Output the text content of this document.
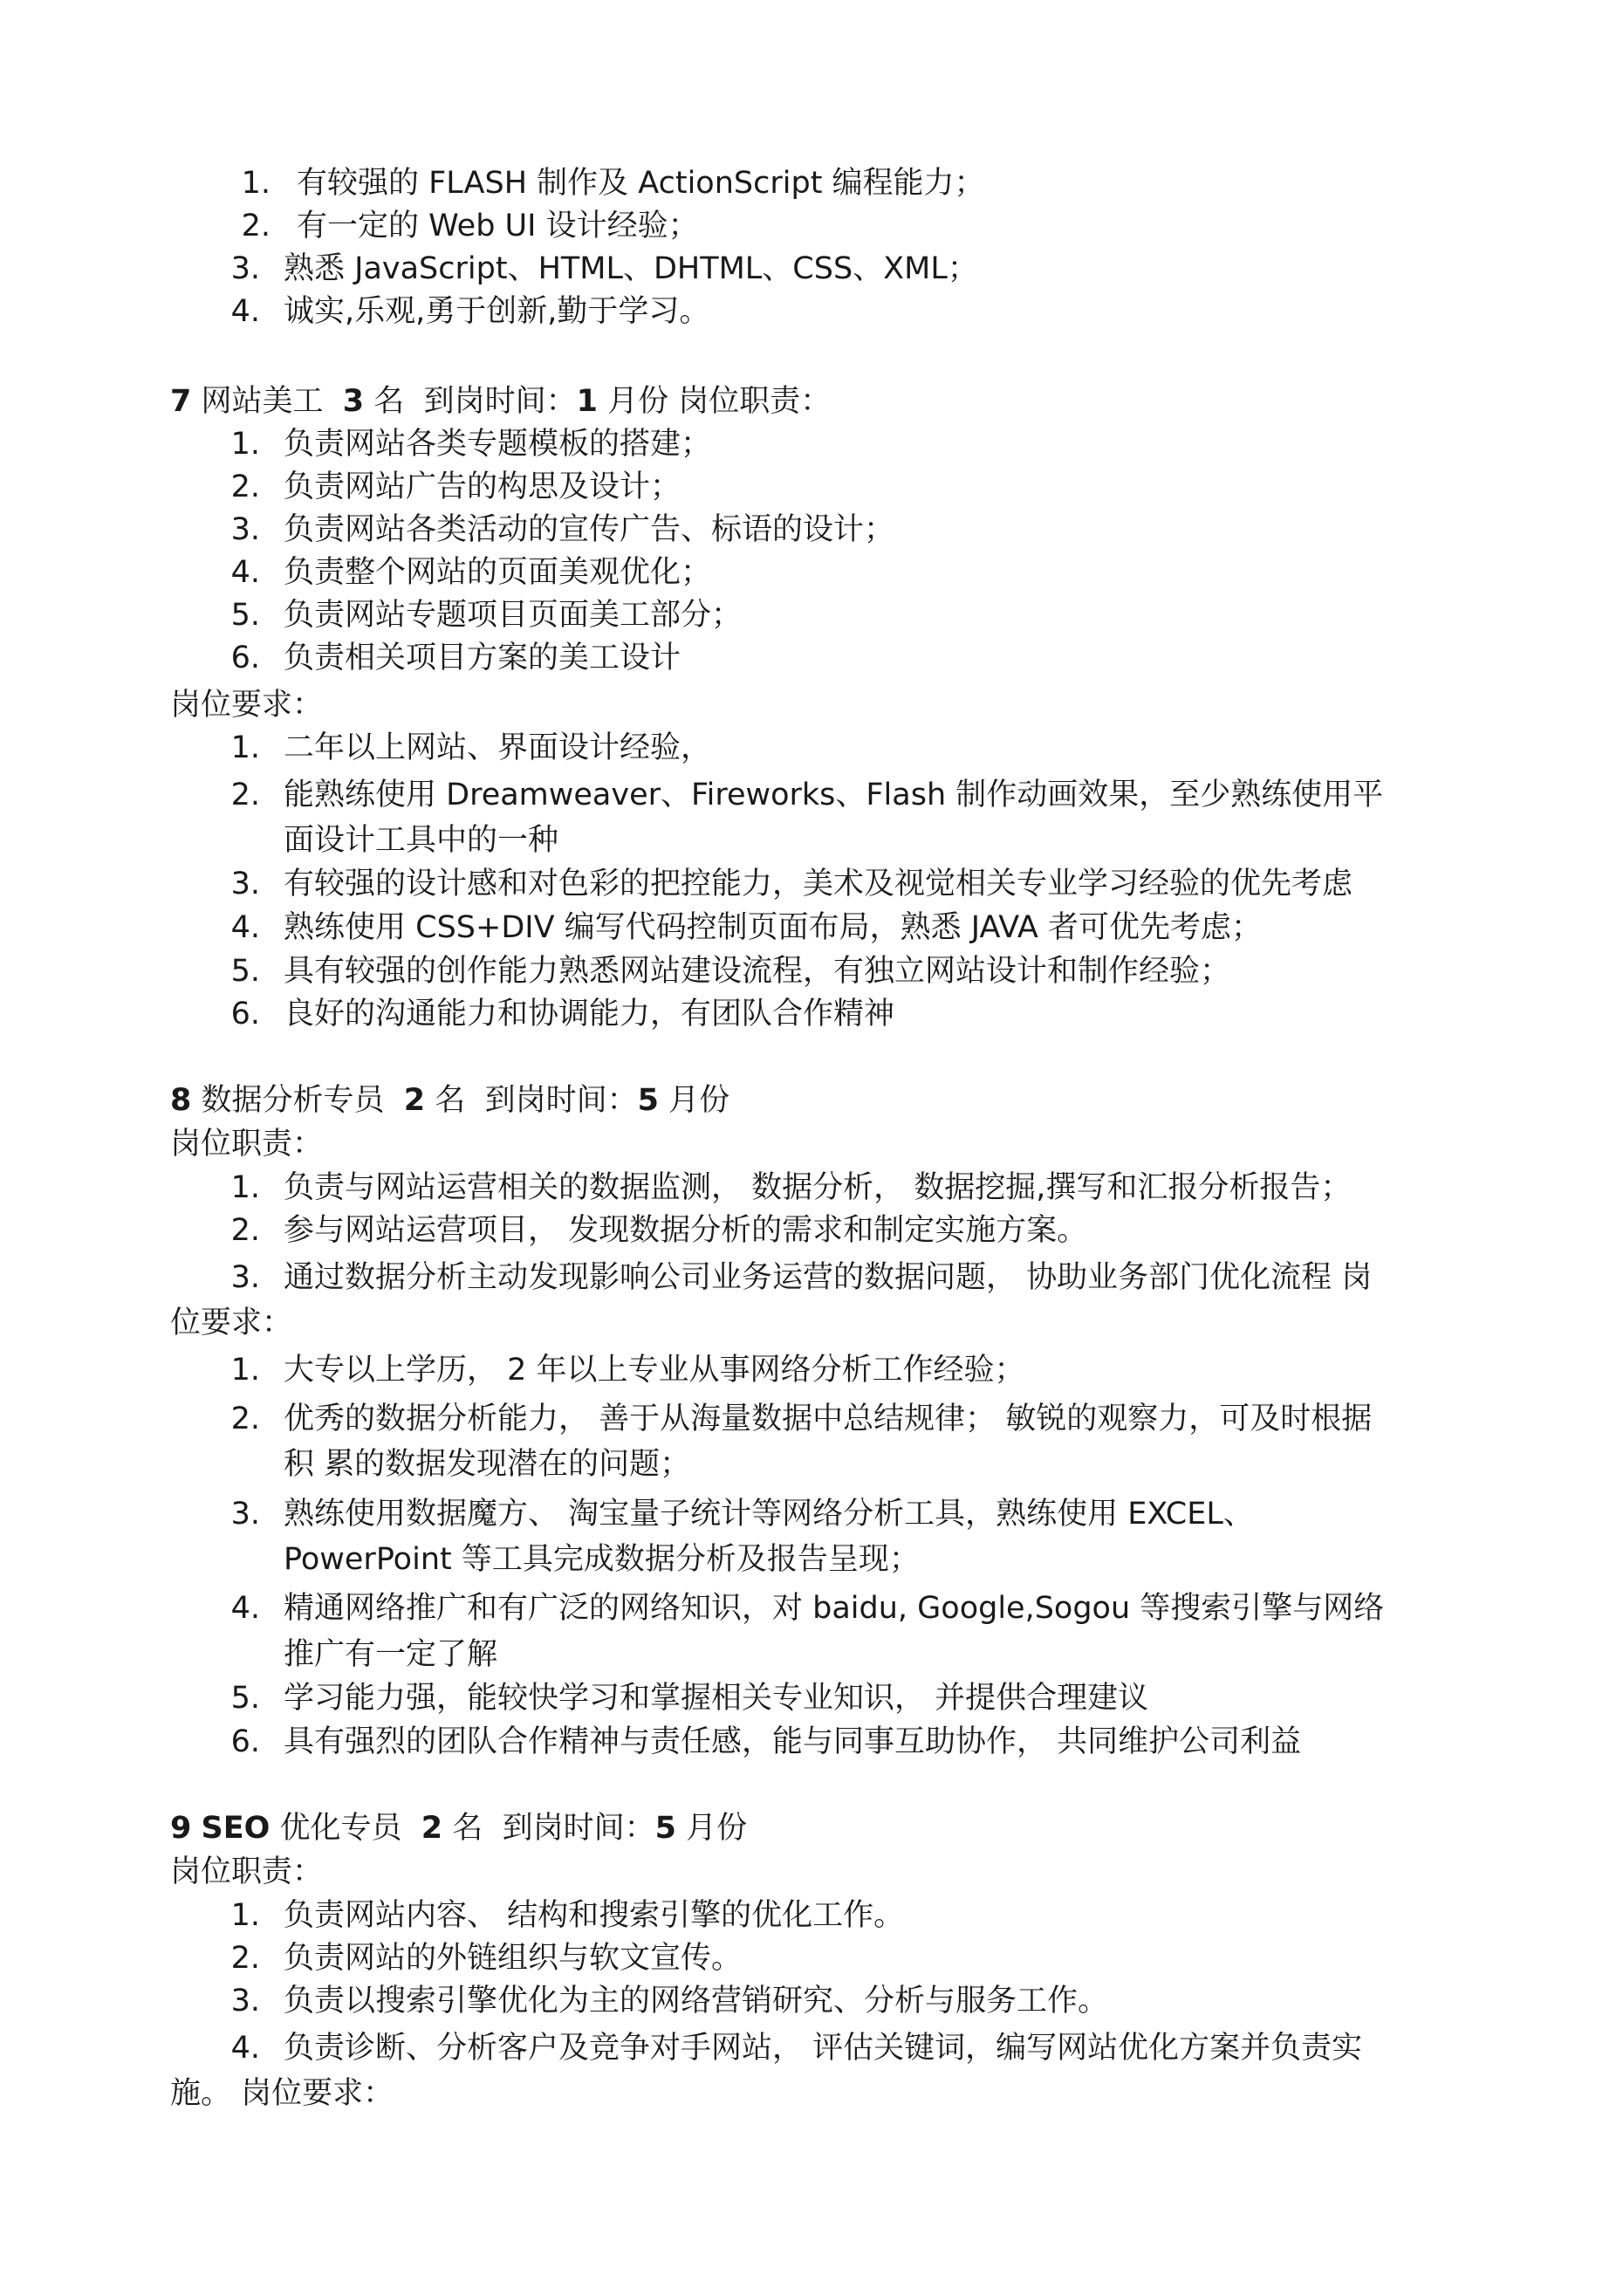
1. 有较强的 FLASH 制作及 ActionScript 编程能力；
2. 有一定的 Web UI 设计经验；
3. 熟悉 JavaScript、HTML、DHTML、CSS、XML；
4. 诚实,乐观,勇于创新,勤于学习。
7 网站美工 3 名 到岗时间：1 月份 岗位职责：
1. 负责网站各类专题模板的搭建；
2. 负责网站广告的构思及设计；
3. 负责网站各类活动的宣传广告、标语的设计；
4. 负责整个网站的页面美观优化；
5. 负责网站专题项目页面美工部分；
6. 负责相关项目方案的美工设计
岗位要求：
1. 二年以上网站、界面设计经验，
2. 能熟练使用 Dreamweaver、Fireworks、Flash 制作动画效果，至少熟练使用平
面设计工具中的一种
3. 有较强的设计感和对色彩的把控能力，美术及视觉相关专业学习经验的优先考虑
4. 熟练使用 CSS+DIV 编写代码控制页面布局，熟悉 JAVA 者可优先考虑；
5. 具有较强的创作能力熟悉网站建设流程，有独立网站设计和制作经验；
6. 良好的沟通能力和协调能力，有团队合作精神
8 数据分析专员 2 名 到岗时间：5 月份
岗位职责：
1. 负责与网站运营相关的数据监测， 数据分析， 数据挖掘,撰写和汇报分析报告；
2. 参与网站运营项目， 发现数据分析的需求和制定实施方案。
3. 通过数据分析主动发现影响公司业务运营的数据问题， 协助业务部门优化流程 岗
位要求：
1. 大专以上学历， 2 年以上专业从事网络分析工作经验；
2. 优秀的数据分析能力， 善于从海量数据中总结规律； 敏锐的观察力，可及时根据
积 累的数据发现潜在的问题；
3. 熟练使用数据魔方、 淘宝量子统计等网络分析工具，熟练使用 EXCEL、
PowerPoint 等工具完成数据分析及报告呈现；
4. 精通网络推广和有广泛的网络知识，对 baidu, Google,Sogou 等搜索引擎与网络
推广有一定了解
5. 学习能力强，能较快学习和掌握相关专业知识， 并提供合理建议
6. 具有强烈的团队合作精神与责任感，能与同事互助协作， 共同维护公司利益
9 SEO 优化专员 2 名 到岗时间：5 月份
岗位职责：
1. 负责网站内容、 结构和搜索引擎的优化工作。
2. 负责网站的外链组织与软文宣传。
3. 负责以搜索引擎优化为主的网络营销研究、分析与服务工作。
4. 负责诊断、分析客户及竞争对手网站， 评估关键词，编写网站优化方案并负责实
施。 岗位要求：
